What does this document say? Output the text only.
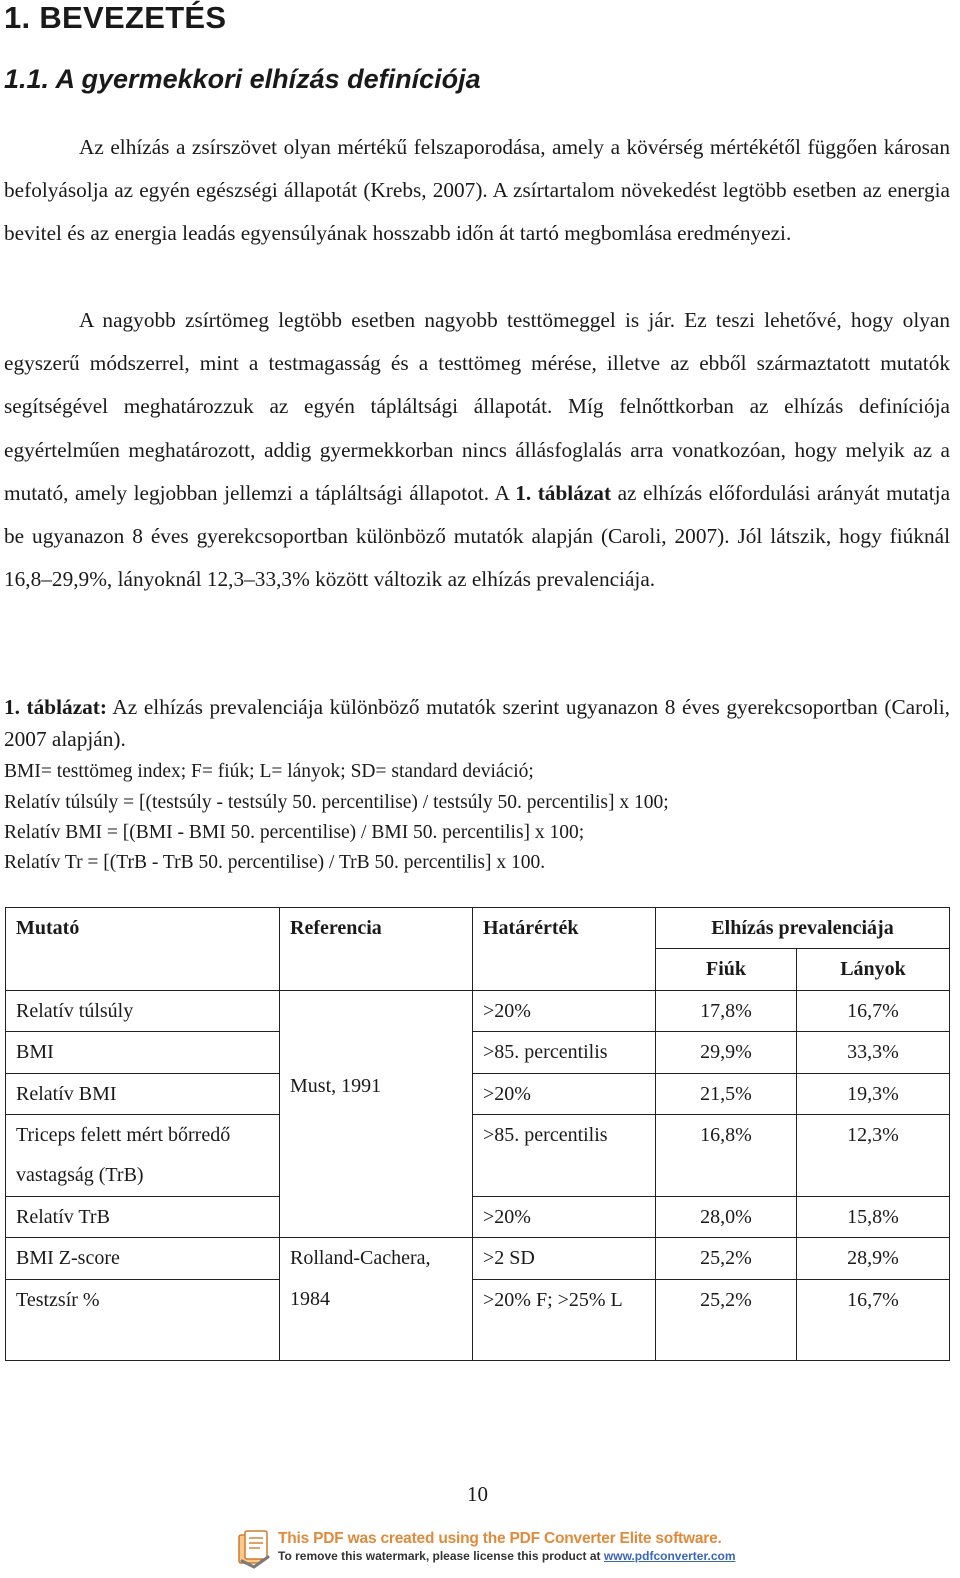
1. BEVEZETÉS
1.1. A gyermekkori elhízás definíciója

Az elhízás a zsírszövet olyan mértékű felszaporodása, amely a kövérség mértékétől függően károsan befolyásolja az egyén egészségi állapotát (Krebs, 2007). A zsírtartalom növekedést legtöbb esetben az energia bevitel és az energia leadás egyensúlyának hosszabb időn át tartó megbomlása eredményezi.

A nagyobb zsírtömeg legtöbb esetben nagyobb testtömeggel is jár. Ez teszi lehetővé, hogy olyan egyszerű módszerrel, mint a testmagasság és a testtömeg mérése, illetve az ebből származtatott mutatók segítségével meghatározzuk az egyén tápláltsági állapotát. Míg felnőttkorban az elhízás definíciója egyértelműen meghatározott, addig gyermekkorban nincs állásfoglalás arra vonatkozóan, hogy melyik az a mutató, amely legjobban jellemzi a tápláltsági állapotot. A 1. táblázat az elhízás előfordulási arányát mutatja be ugyanazon 8 éves gyerekcsoportban különböző mutatók alapján (Caroli, 2007). Jól látszik, hogy fiúknál 16,8–29,9%, lányoknál 12,3–33,3% között változik az elhízás prevalenciája.

1. táblázat: Az elhízás prevalenciája különböző mutatók szerint ugyanazon 8 éves gyerekcsoportban (Caroli, 2007 alapján).

BMI= testtömeg index; F= fiúk; L= lányok; SD= standard deviáció;
Relatív túlsúly = [(testsúly - testsúly 50. percentilise) / testsúly 50. percentilis] x 100;
Relatív BMI = [(BMI - BMI 50. percentilise) / BMI 50. percentilis] x 100;
Relatív Tr = [(TrB - TrB 50. percentilise) / TrB 50. percentilis] x 100.
Mutató	Referencia	Határérték	Elhízás prevalenciája	
			Fiúk	Lányok
Relatív túlsúly	Must, 1991	>20%	17,8%	16,7%
BMI		>85. percentilis	29,9%	33,3%
Relatív BMI		>20%	21,5%	19,3%
Triceps felett mért bőrredő vastagság (TrB)		>85. percentilis	16,8%	12,3%
Relatív TrB		>20%	28,0%	15,8%
BMI Z-score	Rolland-Cachera, 1984	>2 SD	25,2%	28,9%
Testzsír %		>20% F; >25% L	25,2%	16,7%
10
This PDF was created using the PDF Converter Elite software.
To remove this watermark, please license this product at www.pdfconverter.com
